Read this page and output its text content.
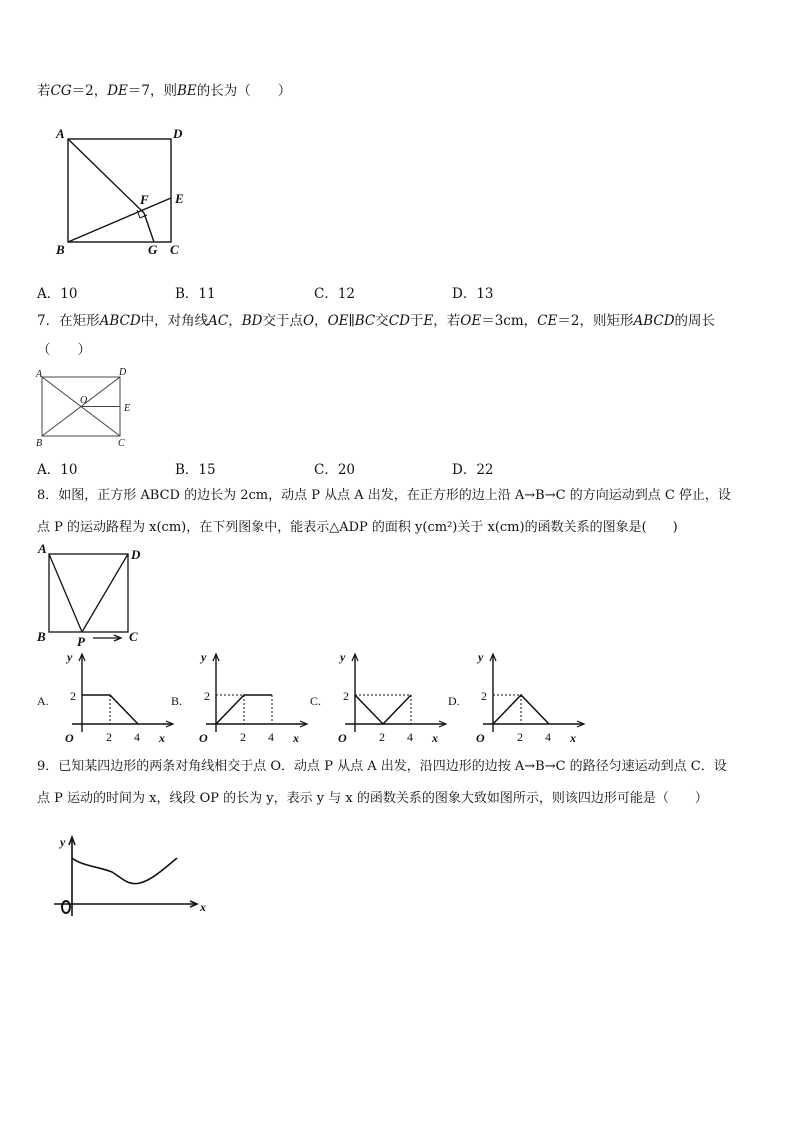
若CG＝2，DE＝7，则BE的长为（　　）
A	D
F E
B	G C
A．10	B．11	C．12	D．13
7．在矩形ABCD中，对角线AC，BD交于点O，OE∥BC交CD于E，若OE＝3cm，CE＝2，则矩形ABCD的周长
（　　）
A	D
O
E
B	C
A．10	B．15	C．20	D．22
8．如图，正方形 ABCD 的边长为 2cm，动点 P 从点 A 出发，在正方形的边上沿 A→B→C 的方向运动到点 C 停止，设
点 P 的运动路程为 x(cm)，在下列图象中，能表示△ADP 的面积 y(cm²)关于 x(cm)的函数关系的图象是(　　)
A	D
B P	C
A.
y
x
O
2
2 4
B.
y
x
O
2
2 4
C.
y
x
O
2
2 4
D.
y
x
O
2
2 4
9．已知某四边形的两条对角线相交于点 O．动点 P 从点 A 出发，沿四边形的边按 A→B→C 的路径匀速运动到点 C．设
点 P 运动的时间为 x，线段 OP 的长为 y，表示 y 与 x 的函数关系的图象大致如图所示，则该四边形可能是（　　）
y
x
